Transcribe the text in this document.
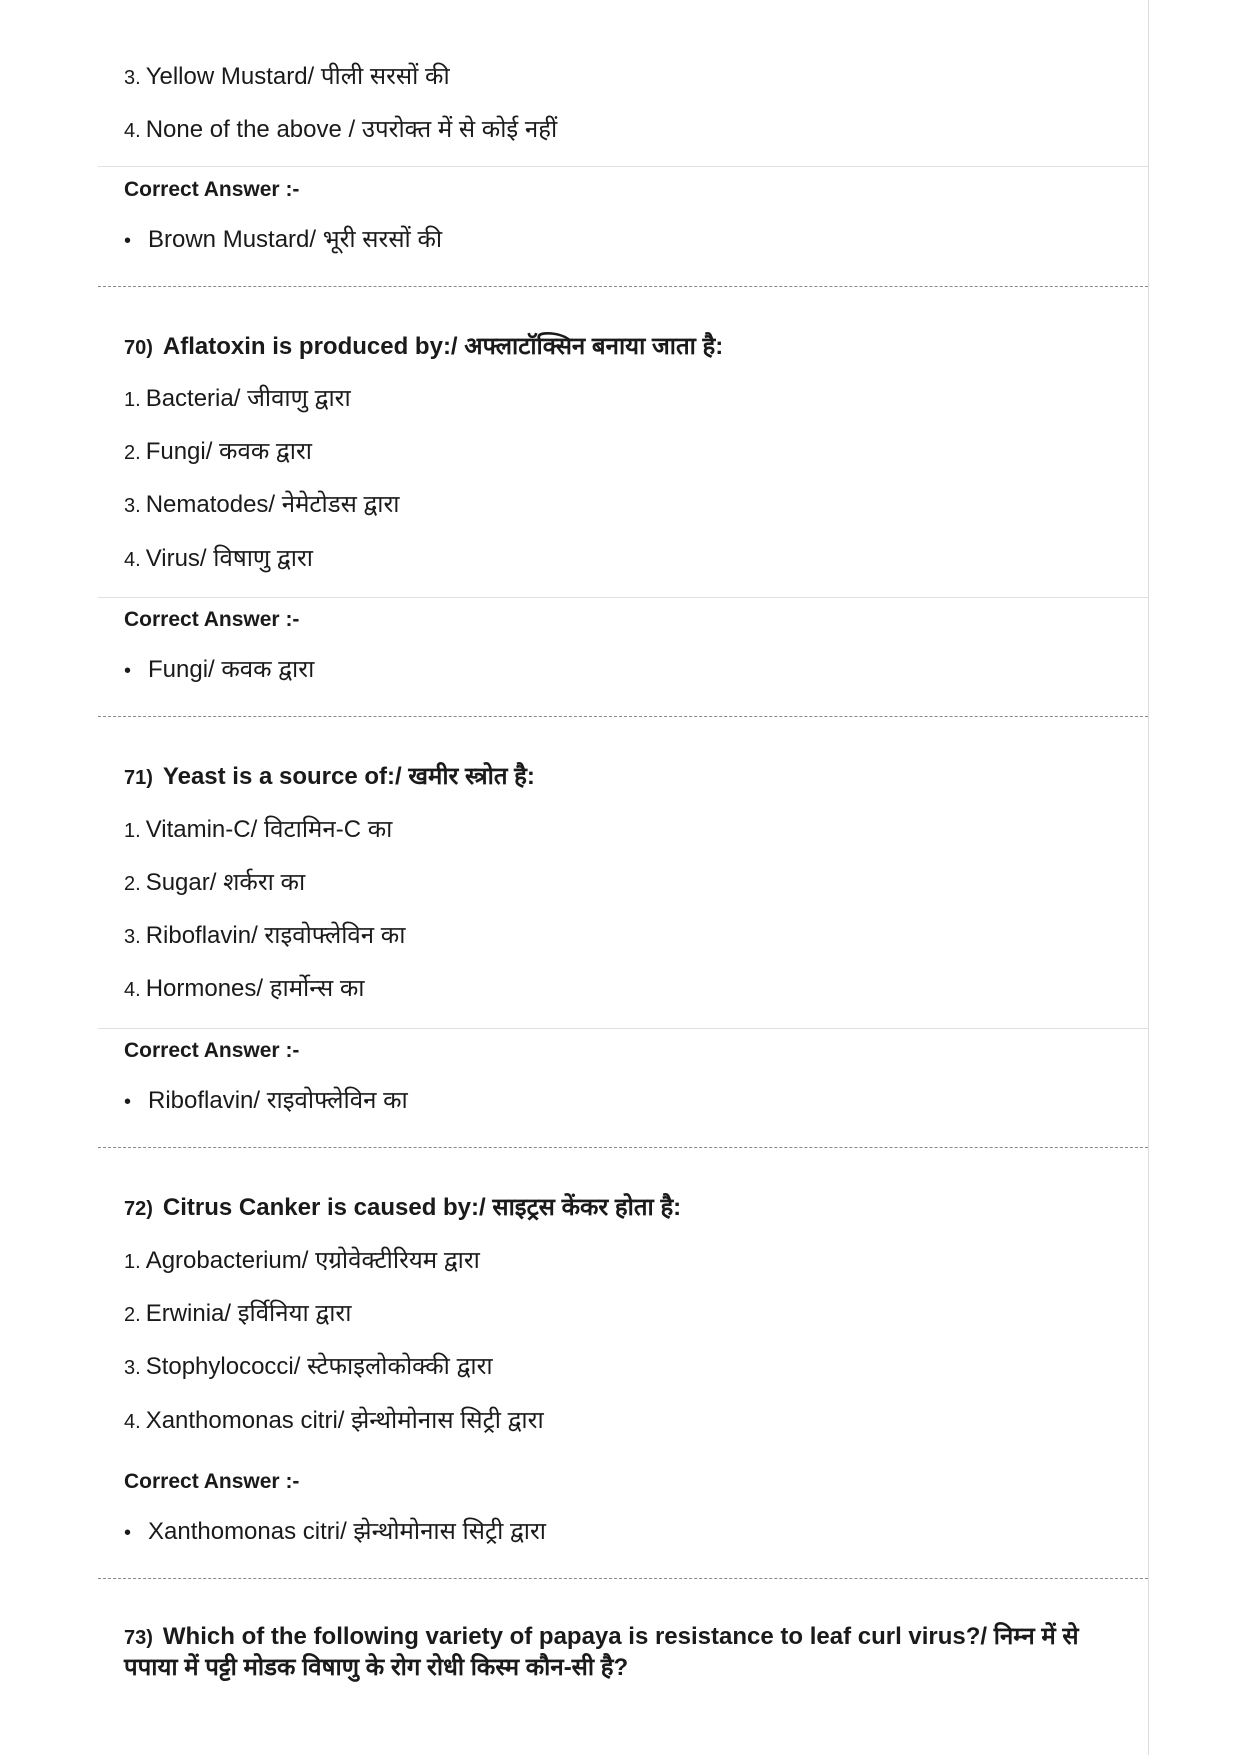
3. Yellow Mustard/ पीली सरसों की
4. None of the above / उपरोक्त में से कोई नहीं
Correct Answer :-
• Brown Mustard/ भूरी सरसों की
70) Aflatoxin is produced by:/ अफ्लाटॉक्सिन बनाया जाता है:
1. Bacteria/ जीवाणु द्वारा
2. Fungi/ कवक द्वारा
3. Nematodes/ नेमेटोडस द्वारा
4. Virus/ विषाणु द्वारा
Correct Answer :-
• Fungi/ कवक द्वारा
71) Yeast is a source of:/ खमीर स्त्रोत है:
1. Vitamin-C/ विटामिन-C का
2. Sugar/ शर्करा का
3. Riboflavin/ राइवोफ्लेविन का
4. Hormones/ हार्मोन्स का
Correct Answer :-
• Riboflavin/ राइवोफ्लेविन का
72) Citrus Canker is caused by:/ साइट्रस केंकर होता है:
1. Agrobacterium/ एग्रोवेक्टीरियम द्वारा
2. Erwinia/ इर्विनिया द्वारा
3. Stophylococci/ स्टेफाइलोकोक्की द्वारा
4. Xanthomonas citri/ झेन्थोमोनास सिट्री द्वारा
Correct Answer :-
• Xanthomonas citri/ झेन्थोमोनास सिट्री द्वारा
73) Which of the following variety of papaya is resistance to leaf curl virus?/ निम्न में से पपाया में पट्टी मोडक विषाणु के रोग रोधी किस्म कौन-सी है?
